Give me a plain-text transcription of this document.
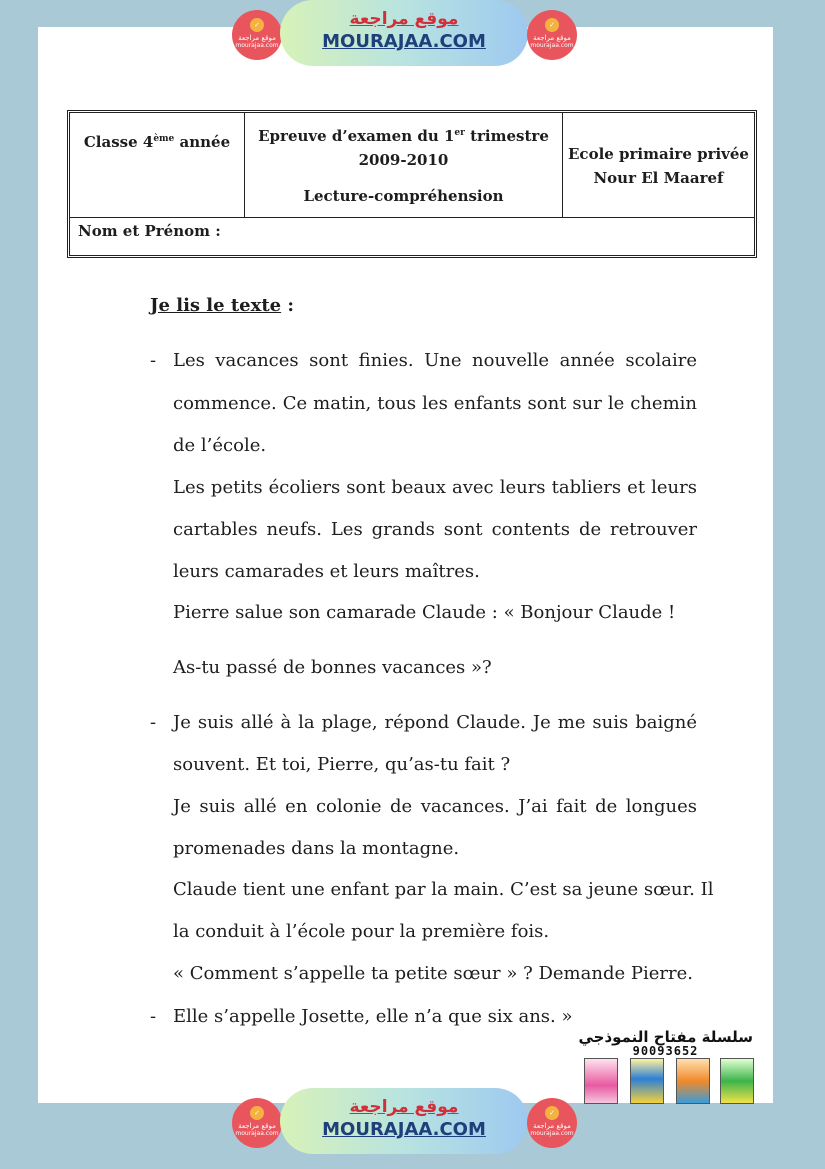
✓
موقع مراجعة
mourajaa.com
موقع مراجعة
MOURAJAA.COM
✓
موقع مراجعة
mourajaa.com
Classe 4ème année	Epreuve d’examen du 1er trimestre
2009-2010
Lecture-compréhension
Ecole primaire privée
Nour El Maaref
Nom et Prénom :
Je lis le texte :
- Les vacances sont finies. Une nouvelle année scolaire
commence. Ce matin, tous les enfants sont sur le chemin
de l’école.
Les petits écoliers sont beaux avec leurs tabliers et leurs
cartables neufs. Les grands sont contents de retrouver
leurs camarades et leurs maîtres.
Pierre salue son camarade Claude : « Bonjour Claude !
As-tu passé de bonnes vacances »?
- Je suis allé à la plage, répond Claude. Je me suis baigné
souvent. Et toi, Pierre, qu’as-tu fait ?
Je suis allé en colonie de vacances. J’ai fait de longues
promenades dans la montagne.
Claude tient une enfant par la main. C’est sa jeune sœur. Il
la conduit à l’école pour la première fois.
« Comment s’appelle ta petite sœur » ? Demande Pierre.
- Elle s’appelle Josette, elle n’a que six ans. »
سلسلة مفتاح النموذجي
90093652
✓
موقع مراجعة
mourajaa.com
موقع مراجعة
MOURAJAA.COM
✓
موقع مراجعة
mourajaa.com
